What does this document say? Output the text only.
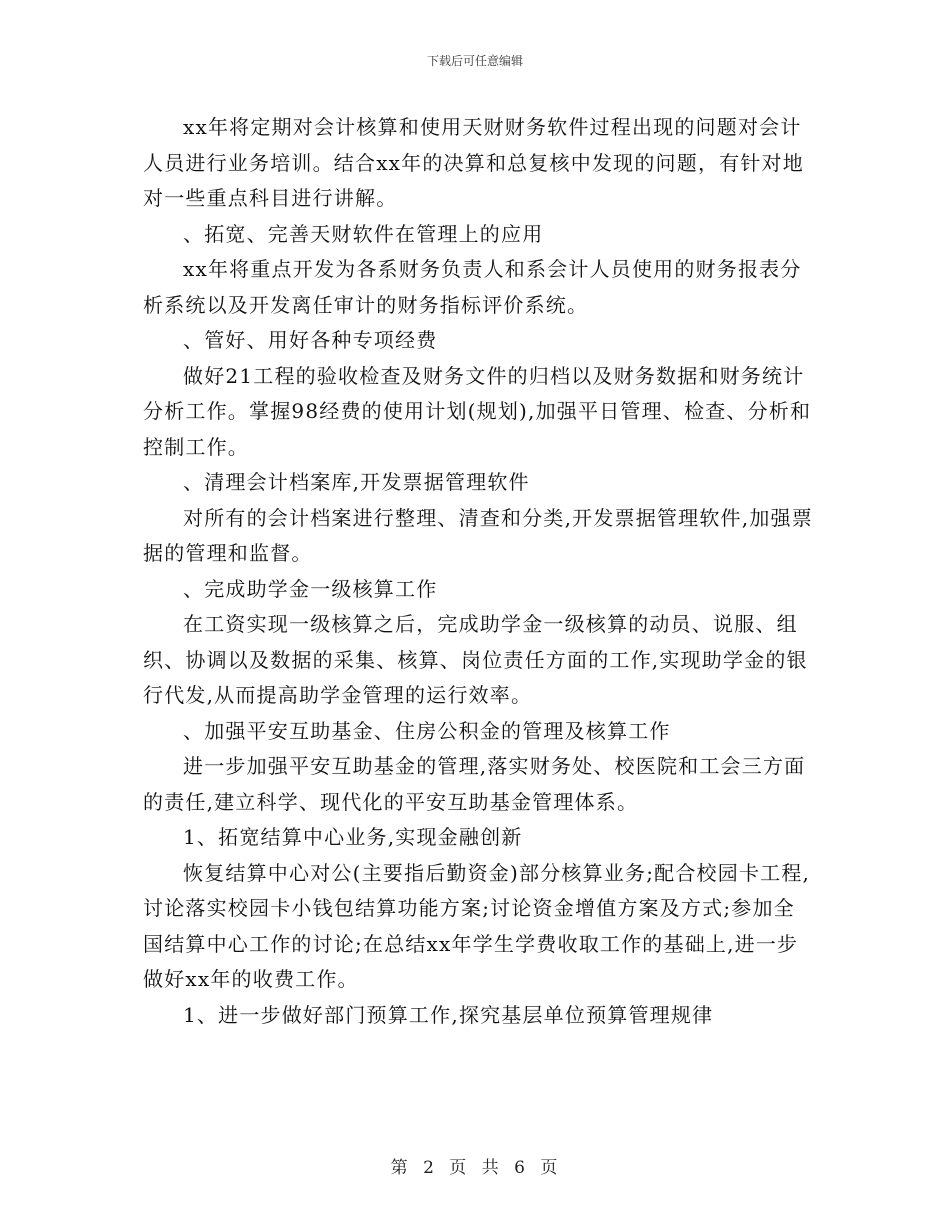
下载后可任意编辑

xx年将定期对会计核算和使用天财财务软件过程出现的问题对会计人员进行业务培训。结合xx年的决算和总复核中发现的问题，有针对地对一些重点科目进行讲解。

、拓宽、完善天财软件在管理上的应用

xx年将重点开发为各系财务负责人和系会计人员使用的财务报表分析系统以及开发离任审计的财务指标评价系统。

、管好、用好各种专项经费

做好21工程的验收检查及财务文件的归档以及财务数据和财务统计分析工作。掌握98经费的使用计划(规划),加强平日管理、检查、分析和控制工作。

、清理会计档案库,开发票据管理软件

对所有的会计档案进行整理、清查和分类,开发票据管理软件,加强票据的管理和监督。

、完成助学金一级核算工作

在工资实现一级核算之后，完成助学金一级核算的动员、说服、组织、协调以及数据的采集、核算、岗位责任方面的工作,实现助学金的银行代发,从而提高助学金管理的运行效率。

、加强平安互助基金、住房公积金的管理及核算工作

进一步加强平安互助基金的管理,落实财务处、校医院和工会三方面的责任,建立科学、现代化的平安互助基金管理体系。

1、拓宽结算中心业务,实现金融创新

恢复结算中心对公(主要指后勤资金)部分核算业务;配合校园卡工程,讨论落实校园卡小钱包结算功能方案;讨论资金增值方案及方式;参加全国结算中心工作的讨论;在总结xx年学生学费收取工作的基础上,进一步做好xx年的收费工作。

1、进一步做好部门预算工作,探究基层单位预算管理规律

第 2 页 共 6 页
